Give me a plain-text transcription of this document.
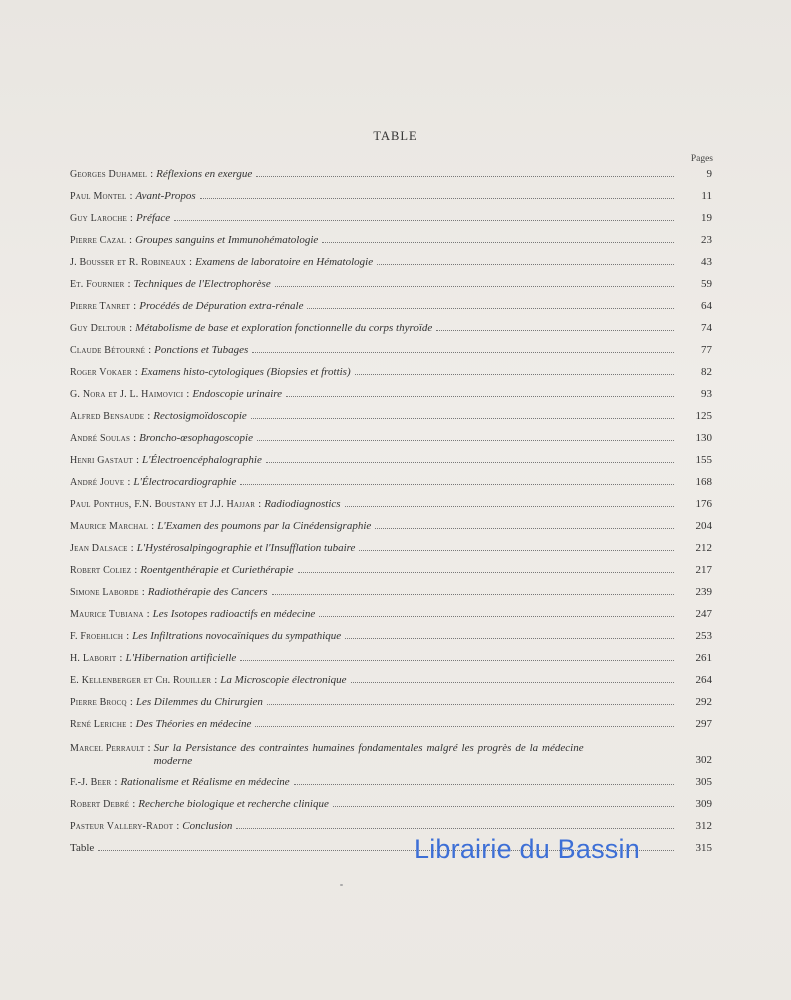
TABLE
Pages
Georges Duhamel : Réflexions en exergue	9
Paul Montel : Avant-Propos	11
Guy Laroche : Préface	19
Pierre Cazal : Groupes sanguins et Immunohématologie	23
J. Bousser et R. Robineaux : Examens de laboratoire en Hématologie	43
Et. Fournier : Techniques de l'Electrophorèse	59
Pierre Tanret : Procédés de Dépuration extra-rénale	64
Guy Deltour : Métabolisme de base et exploration fonctionnelle du corps thyroïde	74
Claude Bétourné : Ponctions et Tubages	77
Roger Vokaer : Examens histo-cytologiques (Biopsies et frottis)	82
G. Nora et J. L. Haimovici : Endoscopie urinaire	93
Alfred Bensaude : Rectosigmoïdoscopie	125
André Soulas : Broncho-œsophagoscopie	130
Henri Gastaut : L'Électroencéphalographie	155
André Jouve : L'Électrocardiographie	168
Paul Ponthus, F.N. Boustany et J.J. Hajjar : Radiodiagnostics	176
Maurice Marchal : L'Examen des poumons par la Cinédensigraphie	204
Jean Dalsace : L'Hystérosalpingographie et l'Insufflation tubaire	212
Robert Coliez : Roentgenthérapie et Curiethérapie	217
Simone Laborde : Radiothérapie des Cancers	239
Maurice Tubiana : Les Isotopes radioactifs en médecine	247
F. Froehlich : Les Infiltrations novocaïniques du sympathique	253
H. Laborit : L'Hibernation artificielle	261
E. Kellenberger et Ch. Rouiller : La Microscopie électronique	264
Pierre Brocq : Les Dilemmes du Chirurgien	292
René Leriche : Des Théories en médecine	297
Marcel Perrault : Sur la Persistance des contraintes humaines fondamentales malgré les progrès de la médecine moderne	302
F.-J. Beer : Rationalisme et Réalisme en médecine	305
Robert Debré : Recherche biologique et recherche clinique	309
Pasteur Vallery-Radot : Conclusion	312
Table	315
Librairie du Bassin
